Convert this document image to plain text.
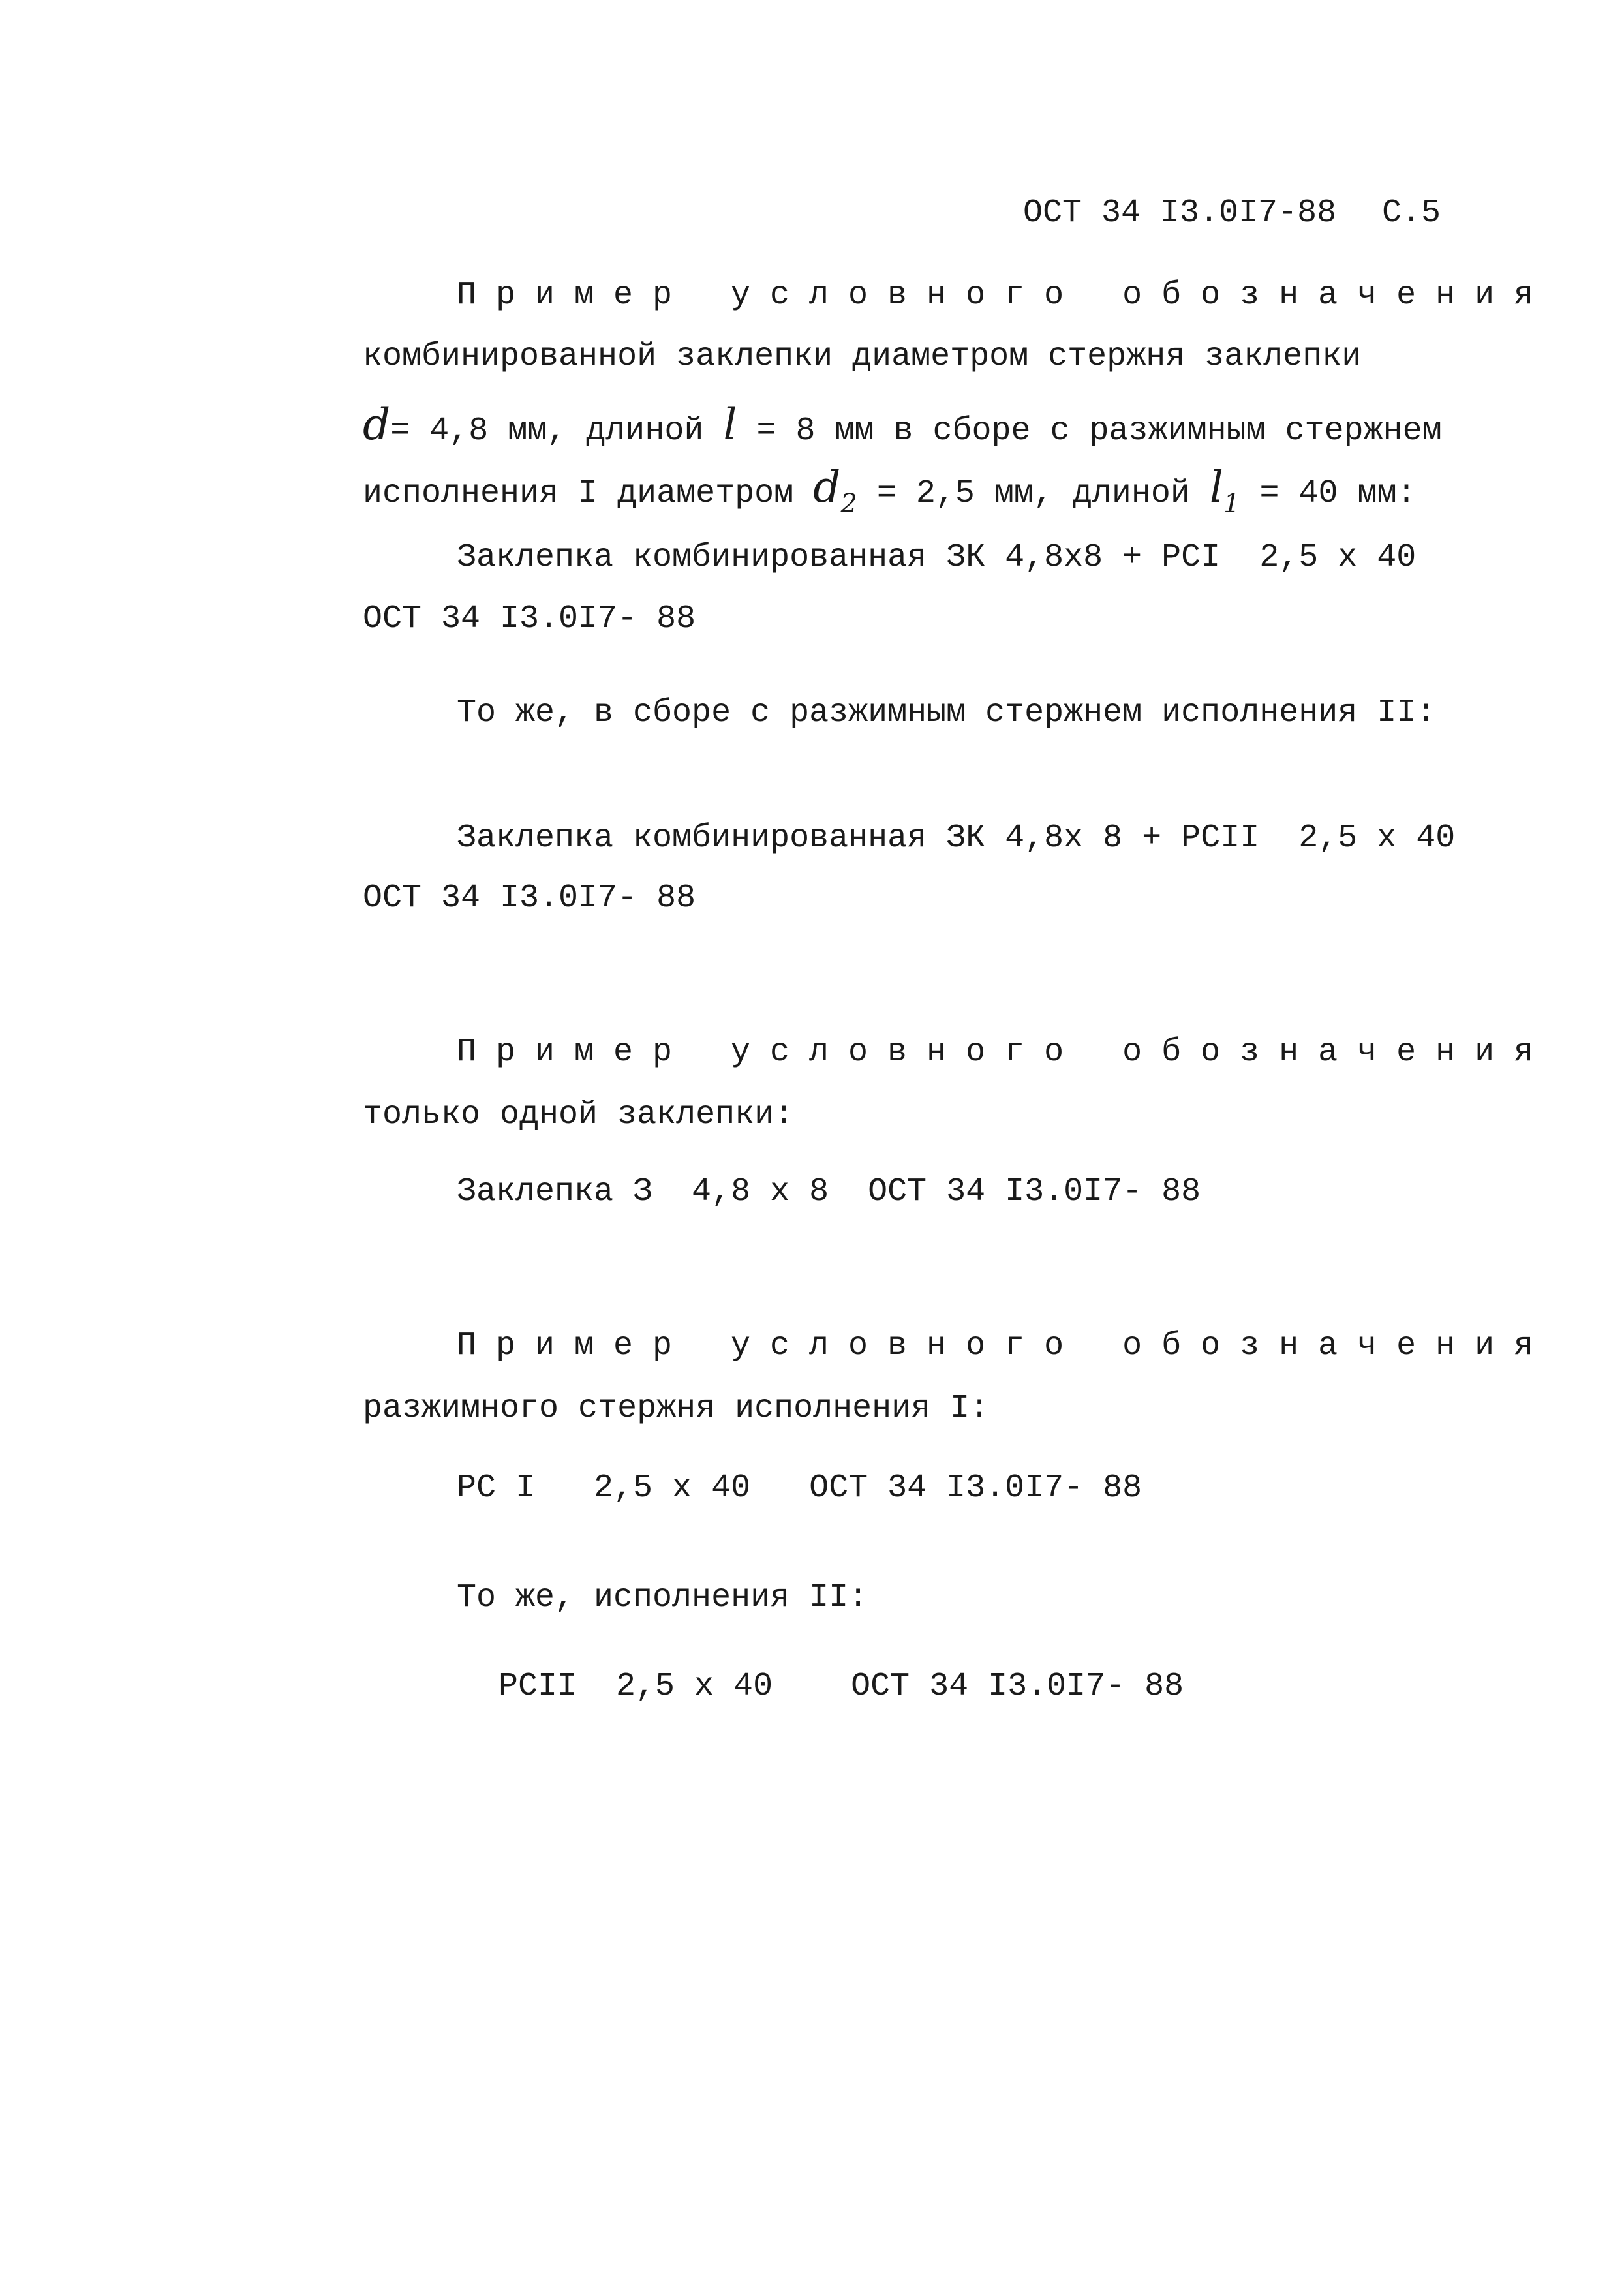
ОСТ 34 I3.0I7-88 С.5
Пример условного обозначения
комбинированной заклепки диаметром стержня заклепки
d= 4,8 мм, длиной l = 8 мм в сборе с разжимным стержнем
исполнения I диаметром $d_2 = 2,5$ мм, длиной $l_1 = 40$ мм:
Заклепка комбинированная ЗК 4,8х8 + РСI  2,5 х 40
ОСТ 34 I3.0I7- 88
То же, в сборе с разжимным стержнем исполнения II:
Заклепка комбинированная ЗК 4,8х 8 + РСII  2,5 х 40
ОСТ 34 I3.0I7- 88
Пример условного обозначения
только одной заклепки:
Заклепка З  4,8 х 8  ОСТ 34 I3.0I7- 88
Пример условного обозначения
разжимного стержня исполнения I:
РС I   2,5 х 40   ОСТ 34 I3.0I7- 88
То же, исполнения II:
РСII  2,5 х 40    ОСТ 34 I3.0I7- 88
